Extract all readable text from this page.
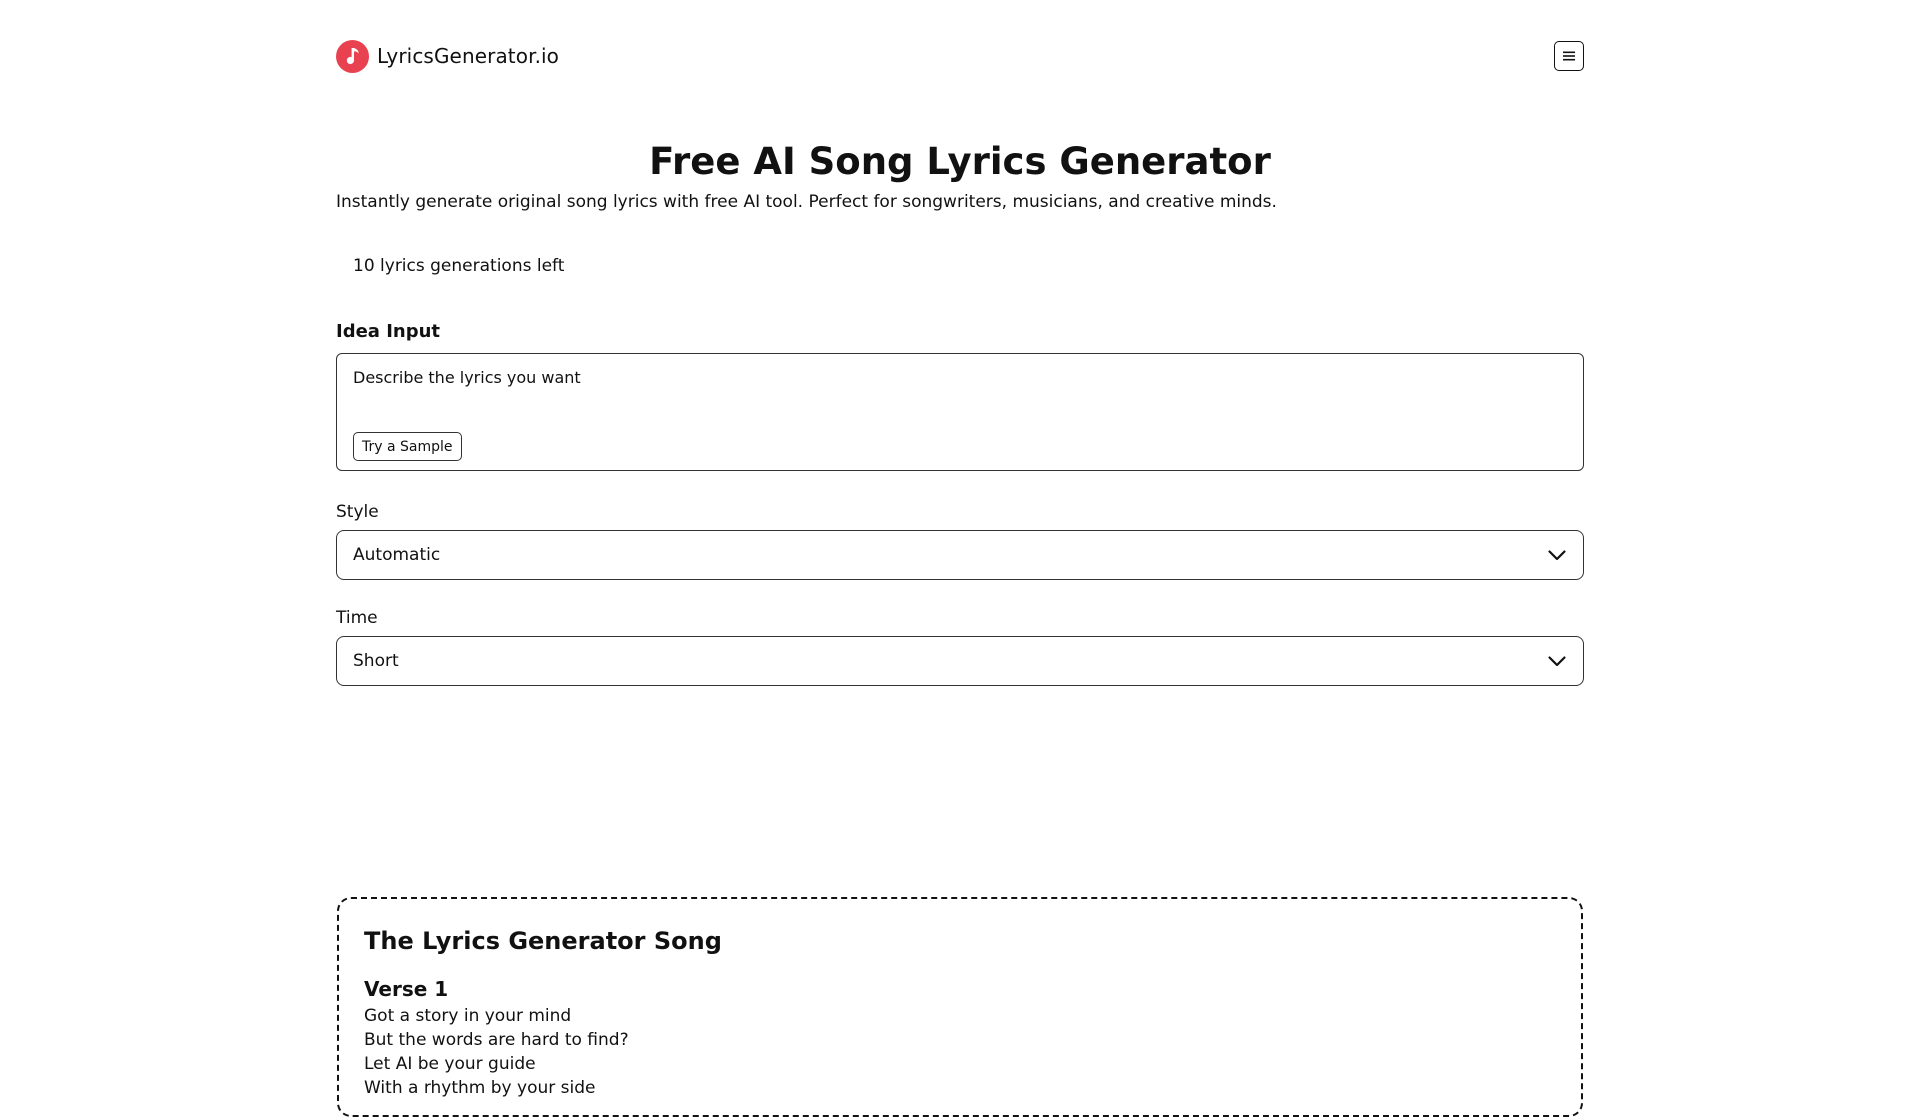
LyricsGenerator.io
Free AI Song Lyrics Generator

Instantly generate original song lyrics with free AI tool. Perfect for songwriters, musicians, and creative minds.

10 lyrics generations left
Idea Input
Describe the lyrics you want
Try a Sample
Style
Automatic
Time
Short
The Lyrics Generator Song
Verse 1
Got a story in your mind
But the words are hard to find?
Let AI be your guide
With a rhythm by your side
